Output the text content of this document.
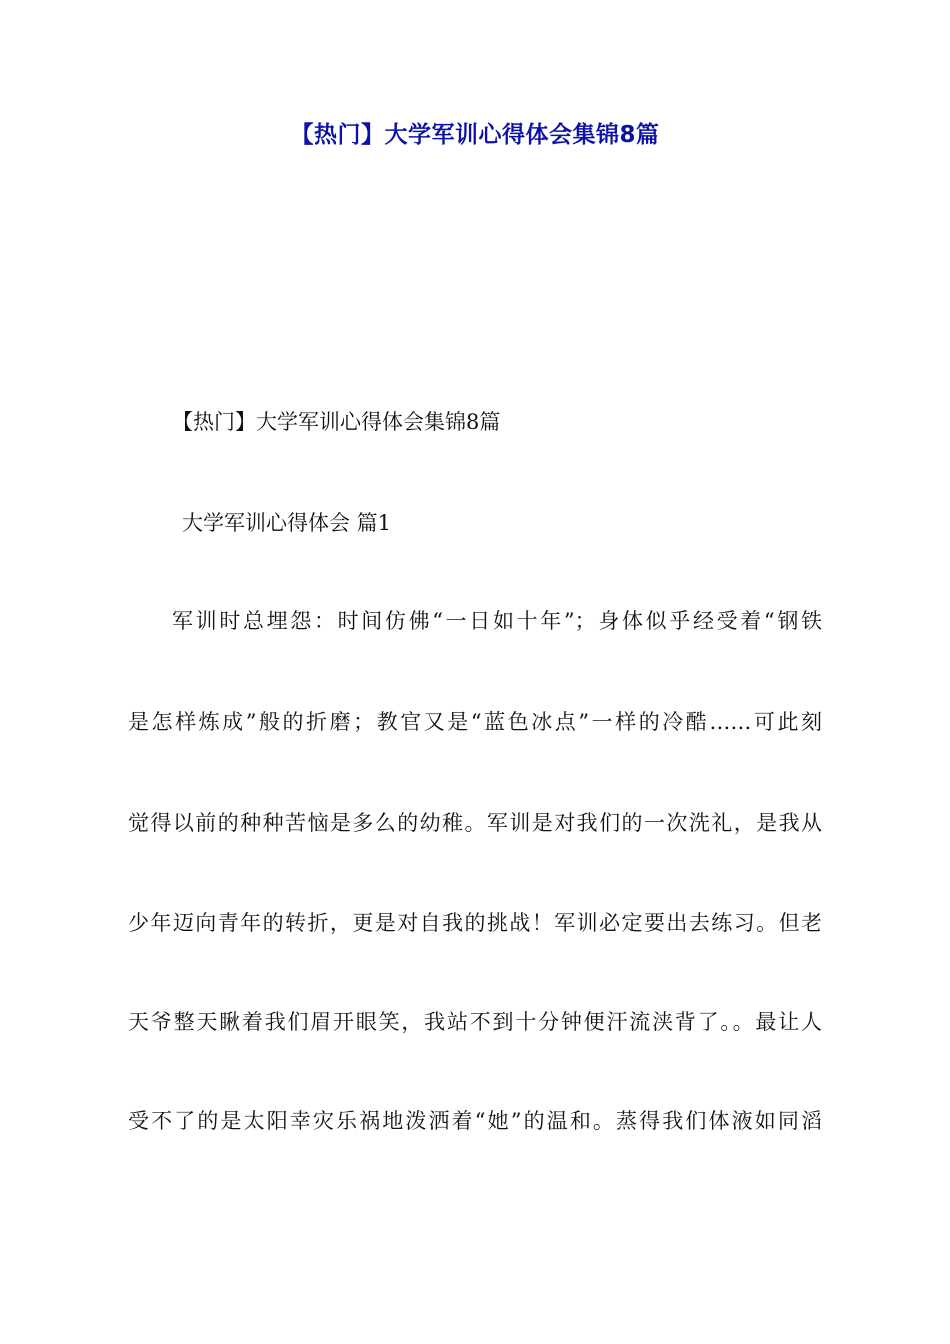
【热门】大学军训心得体会集锦8篇
【热门】大学军训心得体会集锦8篇
大学军训心得体会 篇1
军训时总埋怨：时间仿佛“一日如十年”；身体似乎经受着“钢铁
是怎样炼成”般的折磨；教官又是“蓝色冰点”一样的冷酷……可此刻
觉得以前的种种苦恼是多么的幼稚。军训是对我们的一次洗礼，是我从
少年迈向青年的转折，更是对自我的挑战！军训必定要出去练习。但老
天爷整天瞅着我们眉开眼笑，我站不到十分钟便汗流浃背了。。最让人
受不了的是太阳幸灾乐祸地泼洒着“她”的温和。蒸得我们体液如同滔
